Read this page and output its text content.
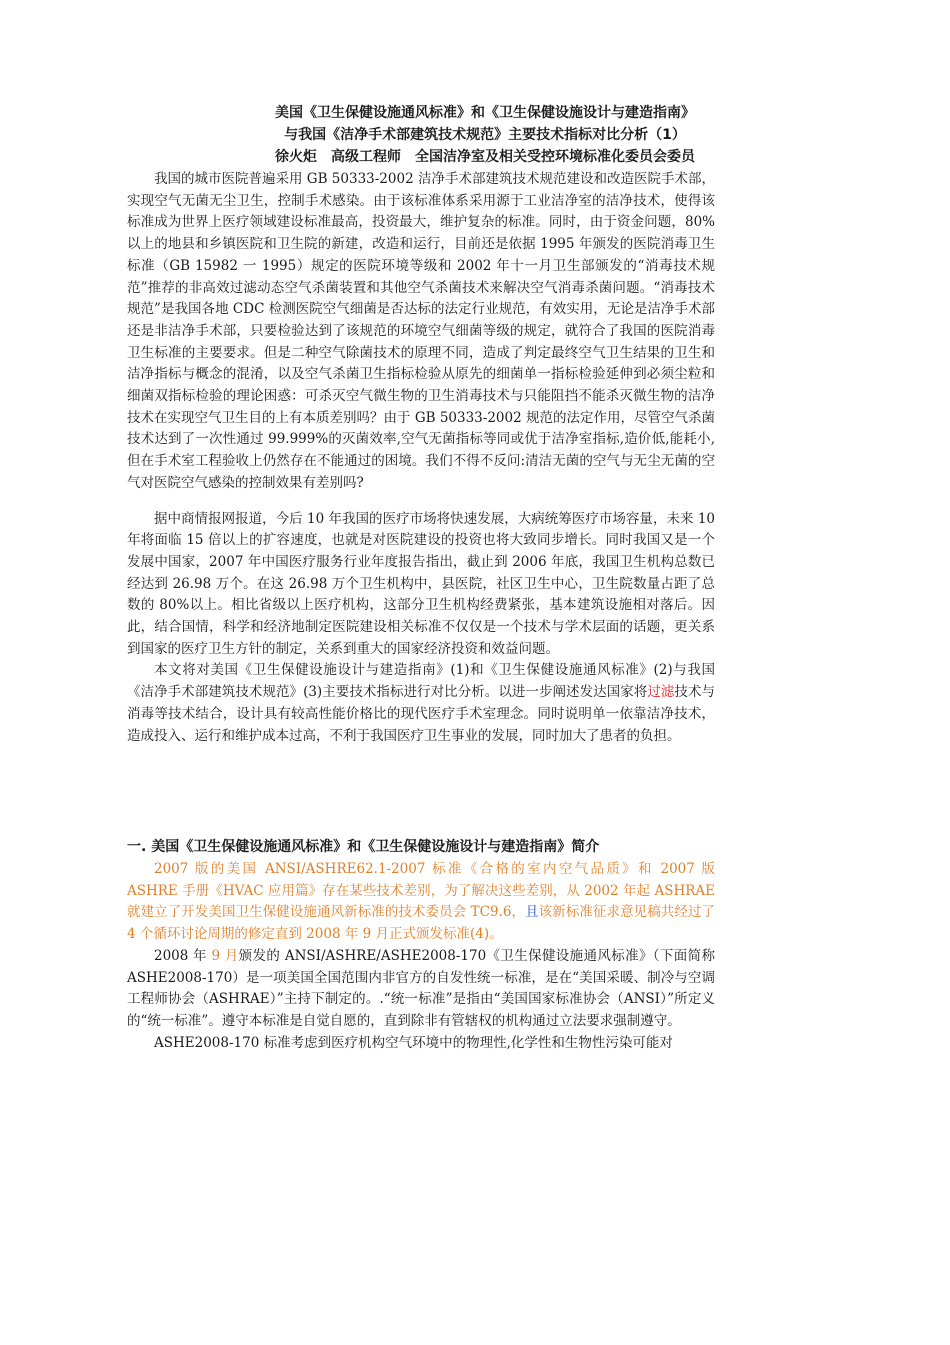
美国《卫生保健设施通风标准》和《卫生保健设施设计与建造指南》
与我国《洁净手术部建筑技术规范》主要技术指标对比分析（1）
徐火炬　高级工程师　全国洁净室及相关受控环境标准化委员会委员

我国的城市医院普遍采用 GB 50333-2002 洁净手术部建筑技术规范建设和改造医院手术部，实现空气无菌无尘卫生，控制手术感染。由于该标准体系采用源于工业洁净室的洁净技术，使得该标准成为世界上医疗领域建设标准最高，投资最大，维护复杂的标准。同时，由于资金问题，80%以上的地县和乡镇医院和卫生院的新建，改造和运行，目前还是依据 1995 年颁发的医院消毒卫生标准（GB 15982 一 1995）规定的医院环境等级和 2002 年十一月卫生部颁发的“消毒技术规范”推荐的非高效过滤动态空气杀菌装置和其他空气杀菌技术来解决空气消毒杀菌问题。“消毒技术规范”是我国各地 CDC 检测医院空气细菌是否达标的法定行业规范，有效实用，无论是洁净手术部还是非洁净手术部，只要检验达到了该规范的环境空气细菌等级的规定，就符合了我国的医院消毒卫生标准的主要要求。但是二种空气除菌技术的原理不同，造成了判定最终空气卫生结果的卫生和洁净指标与概念的混淆，以及空气杀菌卫生指标检验从原先的细菌单一指标检验延伸到必须尘粒和细菌双指标检验的理论困惑：可杀灭空气微生物的卫生消毒技术与只能阻挡不能杀灭微生物的洁净技术在实现空气卫生目的上有本质差别吗？由于 GB 50333-2002 规范的法定作用，尽管空气杀菌技术达到了一次性通过 99.999%的灭菌效率,空气无菌指标等同或优于洁净室指标,造价低,能耗小,但在手术室工程验收上仍然存在不能通过的困境。我们不得不反问:清洁无菌的空气与无尘无菌的空气对医院空气感染的控制效果有差别吗?

据中商情报网报道，今后 10 年我国的医疗市场将快速发展，大病统筹医疗市场容量，未来 10 年将面临 15 倍以上的扩容速度，也就是对医院建设的投资也将大致同步增长。同时我国又是一个发展中国家，2007 年中国医疗服务行业年度报告指出，截止到 2006 年底，我国卫生机构总数已经达到 26.98 万个。在这 26.98 万个卫生机构中，县医院，社区卫生中心，卫生院数量占距了总数的 80%以上。相比省级以上医疗机构，这部分卫生机构经费紧张，基本建筑设施相对落后。因此，结合国情，科学和经济地制定医院建设相关标准不仅仅是一个技术与学术层面的话题，更关系到国家的医疗卫生方针的制定，关系到重大的国家经济投资和效益问题。

本文将对美国《卫生保健设施设计与建造指南》(1)和《卫生保健设施通风标准》(2)与我国《洁净手术部建筑技术规范》(3)主要技术指标进行对比分析。以进一步阐述发达国家将过滤技术与消毒等技术结合，设计具有较高性能价格比的现代医疗手术室理念。同时说明单一依靠洁净技术，造成投入、运行和维护成本过高，不利于我国医疗卫生事业的发展，同时加大了患者的负担。

一. 美国《卫生保健设施通风标准》和《卫生保健设施设计与建造指南》简介

2007 版的美国 ANSI/ASHRE62.1-2007 标准《合格的室内空气品质》和 2007 版 ASHRE 手册《HVAC 应用篇》存在某些技术差别，为了解决这些差别，从 2002 年起 ASHRAE 就建立了开发美国卫生保健设施通风新标准的技术委员会 TC9.6，且该新标准征求意见稿共经过了 4 个循环讨论周期的修定直到 2008 年 9 月正式颁发标准(4)。

2008 年 9 月颁发的 ANSI/ASHRE/ASHE2008-170《卫生保健设施通风标准》（下面简称 ASHE2008-170）是一项美国全国范围内非官方的自发性统一标准，是在“美国采暖、制冷与空调工程师协会（ASHRAE）”主持下制定的。.“统一标准”是指由“美国国家标准协会（ANSI）”所定义的“统一标准”。遵守本标准是自觉自愿的，直到除非有管辖权的机构通过立法要求强制遵守。

ASHE2008-170 标准考虑到医疗机构空气环境中的物理性,化学性和生物性污染可能对
